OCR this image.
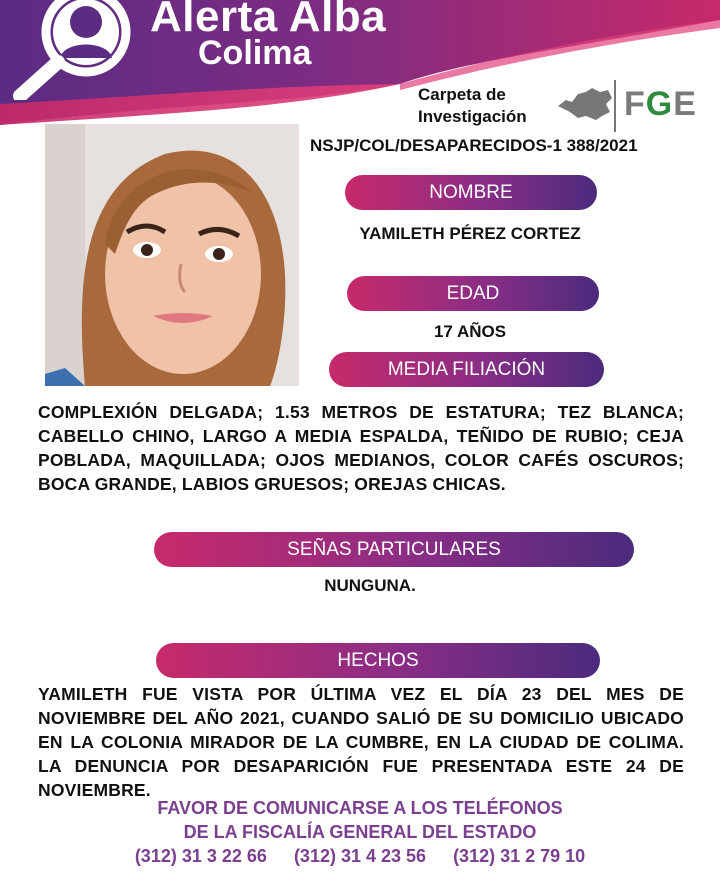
Alerta Alba
Colima
Carpeta de
Investigación	FGE
NSJP/COL/DESAPARECIDOS-1 388/2021
NOMBRE
YAMILETH PÉREZ CORTEZ
EDAD
17 AÑOS
MEDIA FILIACIÓN
COMPLEXIÓN DELGADA; 1.53 METROS DE ESTATURA; TEZ BLANCA; CABELLO CHINO, LARGO A MEDIA ESPALDA, TEÑIDO DE RUBIO; CEJA POBLADA, MAQUILLADA; OJOS MEDIANOS, COLOR CAFÉS OSCUROS; BOCA GRANDE, LABIOS GRUESOS; OREJAS CHICAS.
SEÑAS PARTICULARES
NUNGUNA.
HECHOS
YAMILETH FUE VISTA POR ÚLTIMA VEZ EL DÍA 23 DEL MES DE NOVIEMBRE DEL AÑO 2021, CUANDO SALIÓ DE SU DOMICILIO UBICADO EN LA COLONIA MIRADOR DE LA CUMBRE, EN LA CIUDAD DE COLIMA. LA DENUNCIA POR DESAPARICIÓN FUE PRESENTADA ESTE 24 DE NOVIEMBRE.
FAVOR DE COMUNICARSE A LOS TELÉFONOS
DE LA FISCALÍA GENERAL DEL ESTADO
(312) 31 3 22 66 (312) 31 4 23 56 (312) 31 2 79 10
